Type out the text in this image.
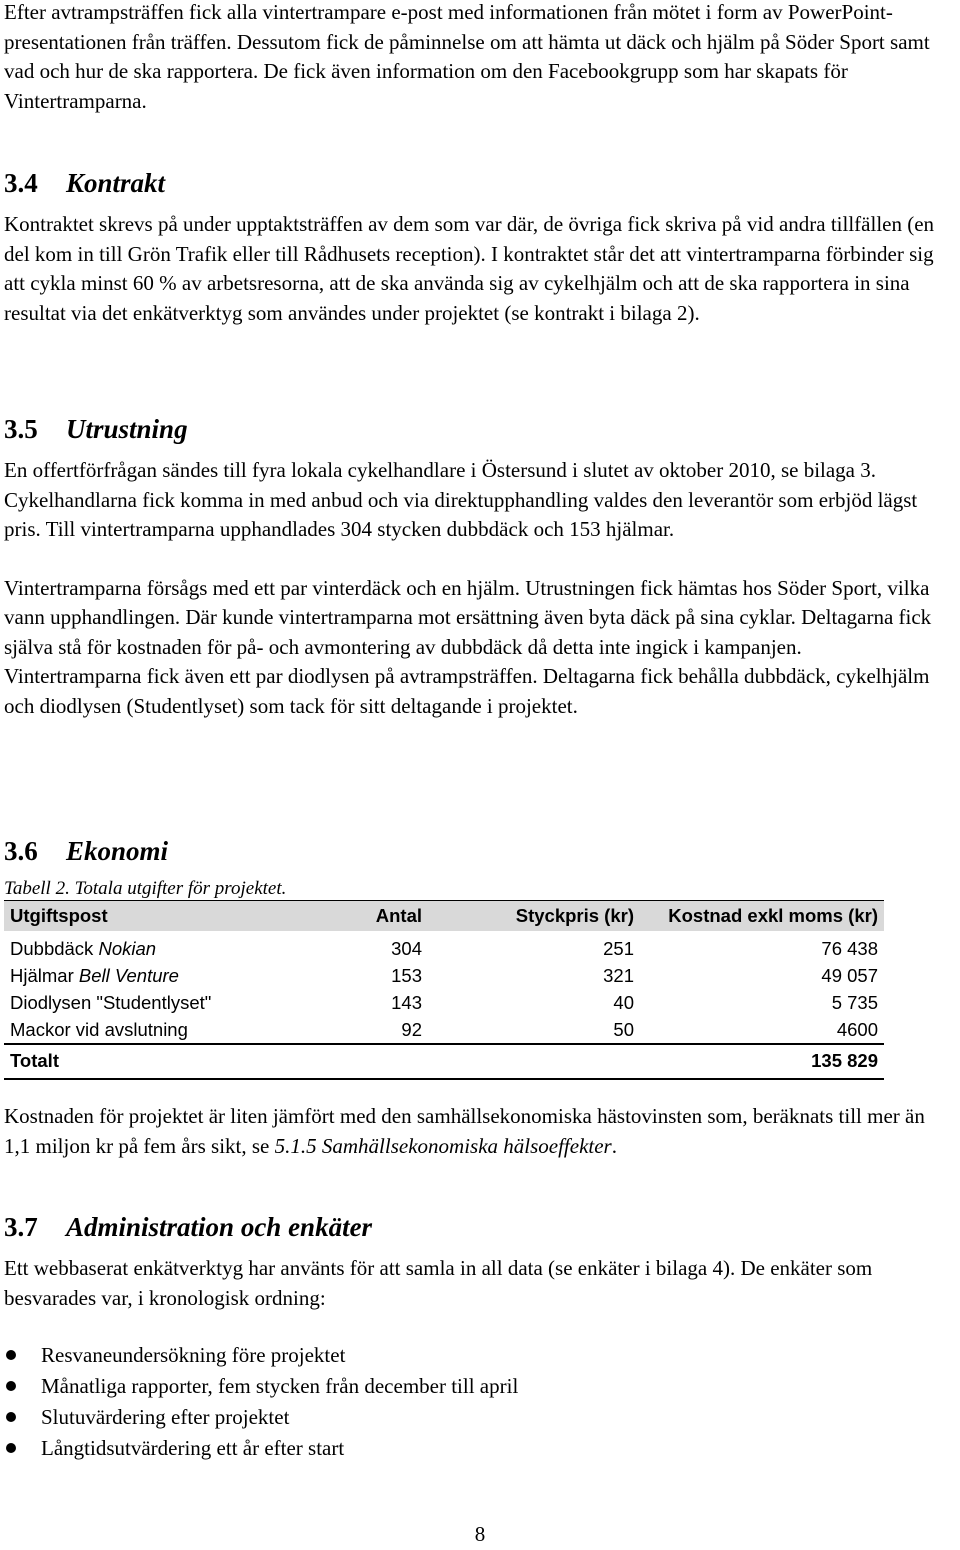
Efter avtrampsträffen fick alla vintertrampare e-post med informationen från mötet i form av PowerPoint-presentationen från träffen. Dessutom fick de påminnelse om att hämta ut däck och hjälm på Söder Sport samt vad och hur de ska rapportera. De fick även information om den Facebookgrupp som har skapats för Vintertramparna.

3.4 Kontrakt

Kontraktet skrevs på under upptaktsträffen av dem som var där, de övriga fick skriva på vid andra tillfällen (en del kom in till Grön Trafik eller till Rådhusets reception). I kontraktet står det att vintertramparna förbinder sig att cykla minst 60 % av arbetsresorna, att de ska använda sig av cykelhjälm och att de ska rapportera in sina resultat via det enkätverktyg som användes under projektet (se kontrakt i bilaga 2).

3.5 Utrustning

En offertförfrågan sändes till fyra lokala cykelhandlare i Östersund i slutet av oktober 2010, se bilaga 3. Cykelhandlarna fick komma in med anbud och via direktupphandling valdes den leverantör som erbjöd lägst pris. Till vintertramparna upphandlades 304 stycken dubbdäck och 153 hjälmar.

Vintertramparna försågs med ett par vinterdäck och en hjälm. Utrustningen fick hämtas hos Söder Sport, vilka vann upphandlingen. Där kunde vintertramparna mot ersättning även byta däck på sina cyklar. Deltagarna fick själva stå för kostnaden för på- och avmontering av dubbdäck då detta inte ingick i kampanjen. Vintertramparna fick även ett par diodlysen på avtrampsträffen. Deltagarna fick behålla dubbdäck, cykelhjälm och diodlysen (Studentlyset) som tack för sitt deltagande i projektet.

3.6 Ekonomi

Tabell 2. Totala utgifter för projektet.

Utgiftspost	Antal	Styckpris (kr)	Kostnad exkl moms (kr)
Dubbdäck Nokian	304	251	76 438
Hjälmar Bell Venture	153	321	49 057
Diodlysen "Studentlyset"	143	40	5 735
Mackor vid avslutning	92	50	4600
Totalt			135 829

Kostnaden för projektet är liten jämfört med den samhällsekonomiska hästovinsten som, beräknats till mer än 1,1 miljon kr på fem års sikt, se 5.1.5 Samhällsekonomiska hälsoeffekter.

3.7 Administration och enkäter

Ett webbaserat enkätverktyg har använts för att samla in all data (se enkäter i bilaga 4). De enkäter som besvarades var, i kronologisk ordning:

Resvaneundersökning före projektet
Månatliga rapporter, fem stycken från december till april
Slutuvärdering efter projektet
Långtidsutvärdering ett år efter start
8
